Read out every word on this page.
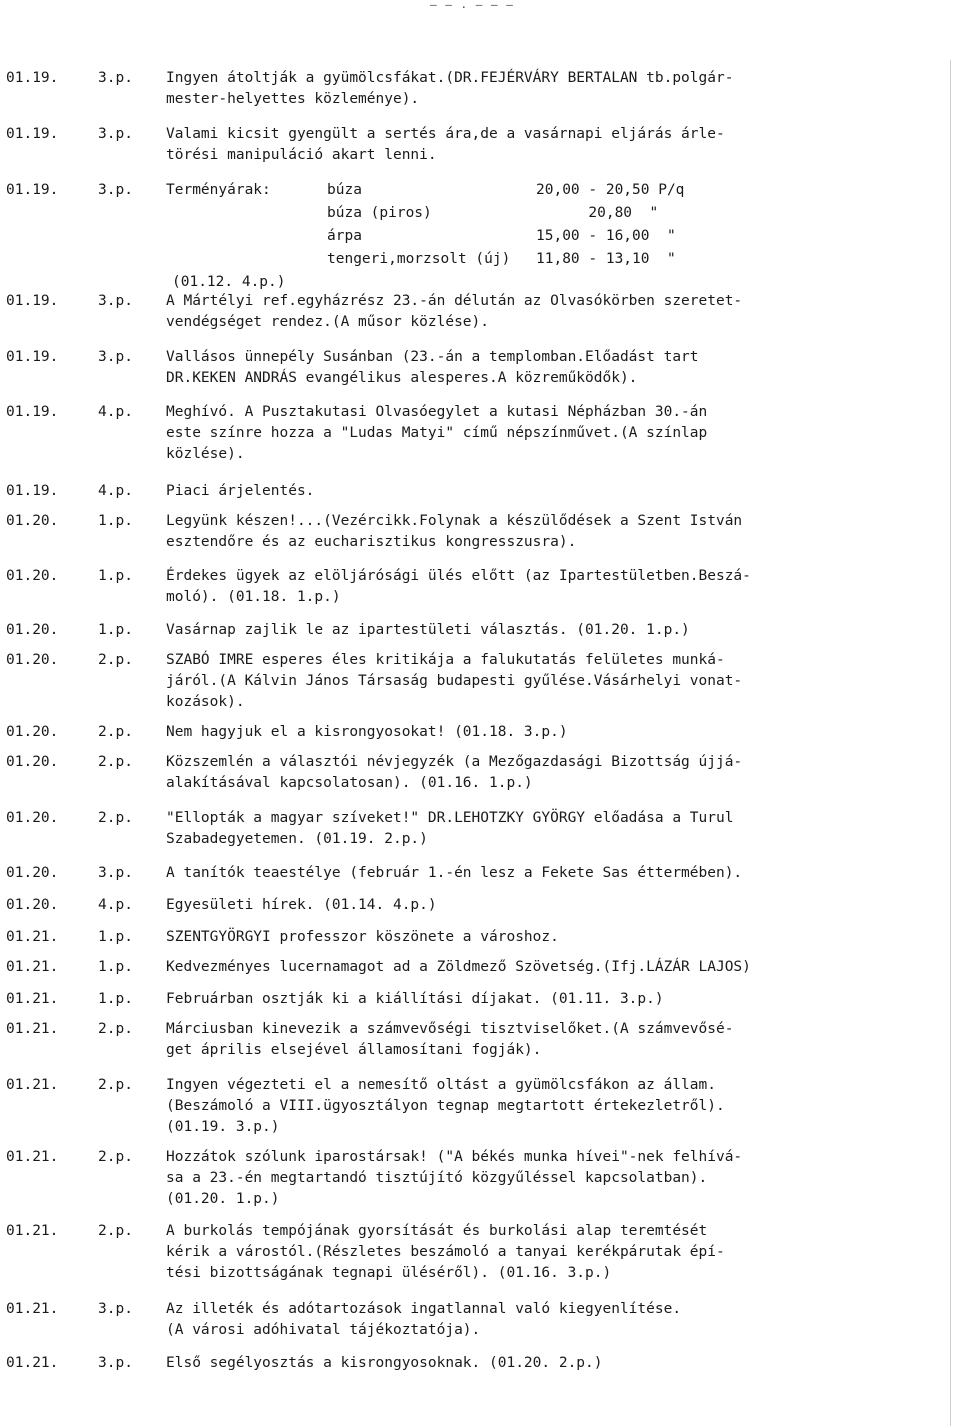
— — . — — —
01.19.	3.p.	Terményárak:	búza	20,00 - 20,50 P/q
búza (piros)	20,80  "
árpa	15,00 - 16,00  "
tengeri,morzsolt (új) 11,80 - 13,10  "
(01.12. 4.p.)
01.19.	3.p.	Ingyen átoltják a gyümölcsfákat.(DR.FEJÉRVÁRY BERTALAN tb.polgár-
mester-helyettes közleménye).
01.19.	3.p.	Valami kicsit gyengült a sertés ára,de a vasárnapi eljárás árle-
törési manipuláció akart lenni.
01.19.	3.p.	A Mártélyi ref.egyházrész 23.-án délután az Olvasókörben szeretet-
vendégséget rendez.(A műsor közlése).
01.19.	3.p.	Vallásos ünnepély Susánban (23.-án a templomban.Előadást tart
DR.KEKEN ANDRÁS evangélikus alesperes.A közreműködők).
01.19.	4.p.	Meghívó. A Pusztakutasi Olvasóegylet a kutasi Népházban 30.-án
este színre hozza a "Ludas Matyi" című népszínművet.(A színlap
közlése).
01.19.	4.p.	Piaci árjelentés.
01.20.	1.p.	Legyünk készen!...(Vezércikk.Folynak a készülődések a Szent István
esztendőre és az eucharisztikus kongresszusra).
01.20.	1.p.	Érdekes ügyek az elöljárósági ülés előtt (az Ipartestületben.Beszá-
moló). (01.18. 1.p.)
01.20.	1.p.	Vasárnap zajlik le az ipartestületi választás. (01.20. 1.p.)
01.20.	2.p.	SZABÓ IMRE esperes éles kritikája a falukutatás felületes munká-
járól.(A Kálvin János Társaság budapesti gyűlése.Vásárhelyi vonat-
kozások).
01.20.	2.p.	Nem hagyjuk el a kisrongyosokat! (01.18. 3.p.)
01.20.	2.p.	Közszemlén a választói névjegyzék (a Mezőgazdasági Bizottság újjá-
alakításával kapcsolatosan). (01.16. 1.p.)
01.20.	2.p.	"Ellopták a magyar szíveket!" DR.LEHOTZKY GYÖRGY előadása a Turul
Szabadegyetemen. (01.19. 2.p.)
01.20.	3.p.	A tanítók teaestélye (február 1.-én lesz a Fekete Sas éttermében).
01.20.	4.p.	Egyesületi hírek. (01.14. 4.p.)
01.21.	1.p.	SZENTGYÖRGYI professzor köszönete a városhoz.
01.21.	1.p.	Kedvezményes lucernamagot ad a Zöldmező Szövetség.(Ifj.LÁZÁR LAJOS)
01.21.	1.p.	Februárban osztják ki a kiállítási díjakat. (01.11. 3.p.)
01.21.	2.p.	Márciusban kinevezik a számvevőségi tisztviselőket.(A számvevősé-
get április elsejével államosítani fogják).
01.21.	2.p.	Ingyen végezteti el a nemesítő oltást a gyümölcsfákon az állam.
(Beszámoló a VIII.ügyosztályon tegnap megtartott értekezletről).
(01.19. 3.p.)
01.21.	2.p.	Hozzátok szólunk iparostársak! ("A békés munka hívei"-nek felhívá-
sa a 23.-én megtartandó tisztújító közgyűléssel kapcsolatban).
(01.20. 1.p.)
01.21.	2.p.	A burkolás tempójának gyorsítását és burkolási alap teremtését
kérik a várostól.(Részletes beszámoló a tanyai kerékpárutak épí-
tési bizottságának tegnapi üléséről). (01.16. 3.p.)
01.21.	3.p.	Az illeték és adótartozások ingatlannal való kiegyenlítése.
(A városi adóhivatal tájékoztatója).
01.21.	3.p.	Első segélyosztás a kisrongyosoknak. (01.20. 2.p.)
